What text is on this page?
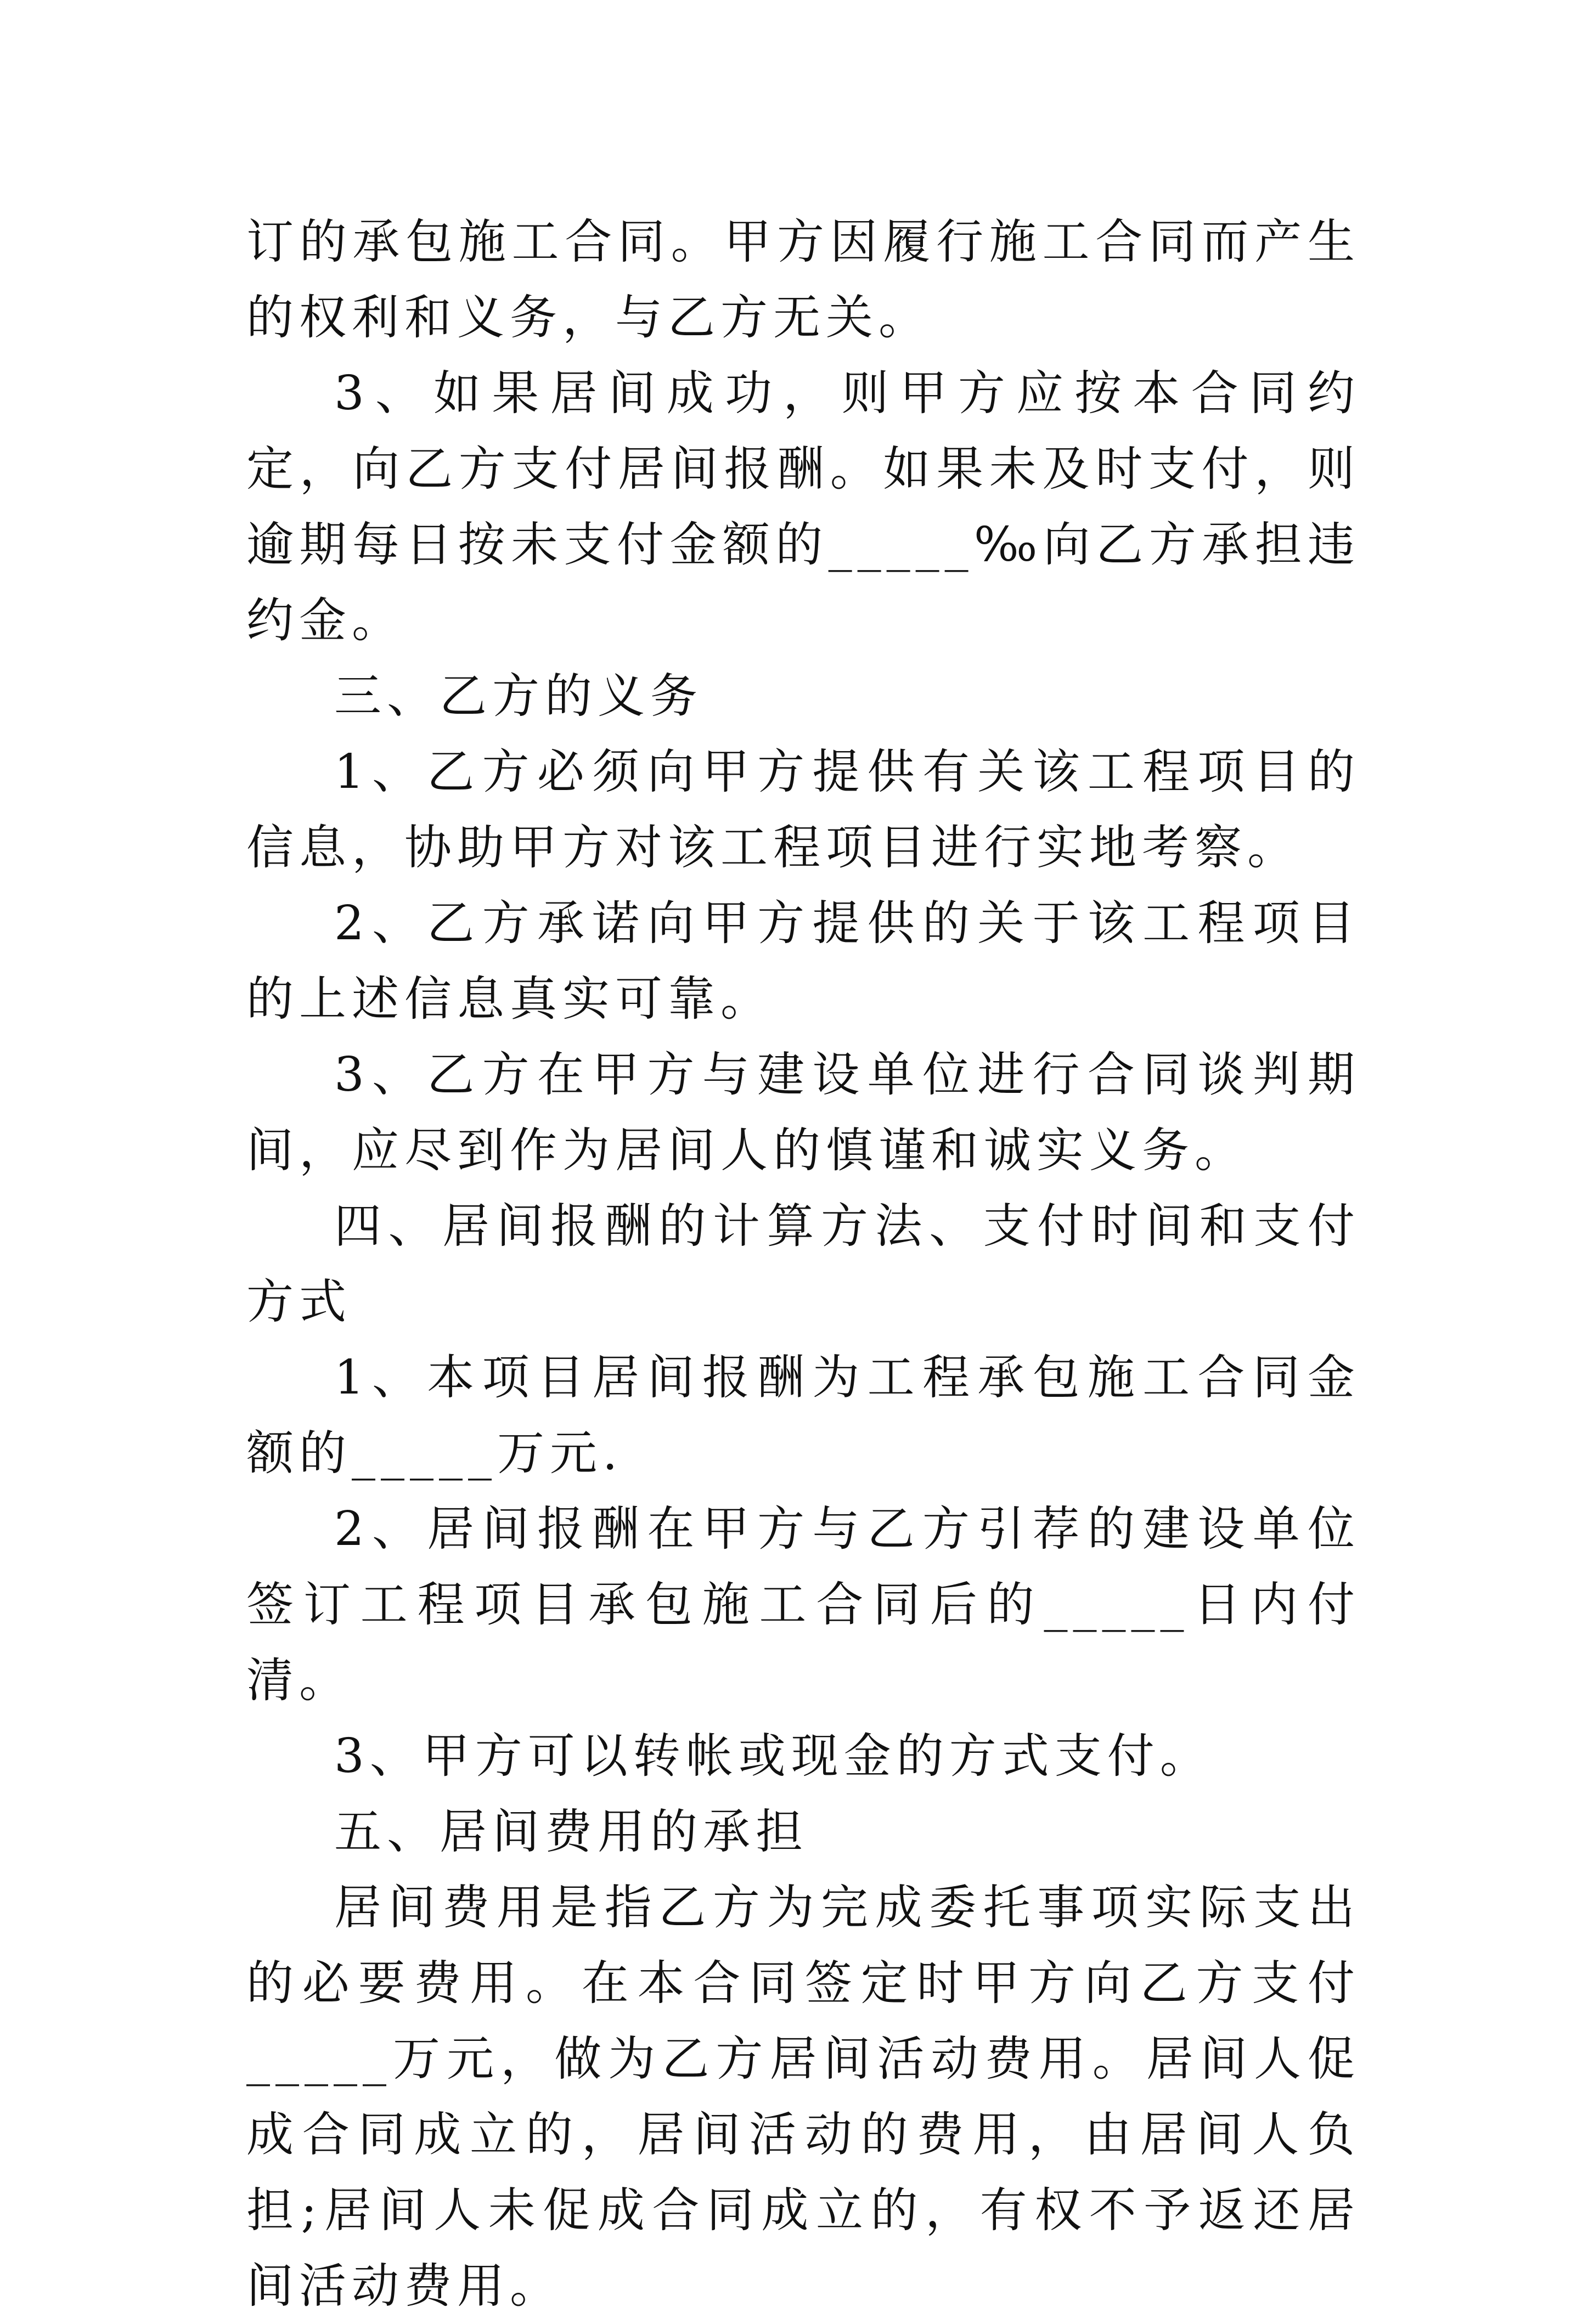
订的承包施工合同。甲方因履行施工合同而产生的权利和义务，与乙方无关。

3、如果居间成功，则甲方应按本合同约定，向乙方支付居间报酬。如果未及时支付，则逾期每日按未支付金额的_____‰向乙方承担违约金。

三、乙方的义务

1、乙方必须向甲方提供有关该工程项目的信息，协助甲方对该工程项目进行实地考察。

2、乙方承诺向甲方提供的关于该工程项目的上述信息真实可靠。

3、乙方在甲方与建设单位进行合同谈判期间，应尽到作为居间人的慎谨和诚实义务。

四、居间报酬的计算方法、支付时间和支付方式

1、本项目居间报酬为工程承包施工合同金额的_____万元.

2、居间报酬在甲方与乙方引荐的建设单位签订工程项目承包施工合同后的_____日内付清。

3、甲方可以转帐或现金的方式支付。

五、居间费用的承担

居间费用是指乙方为完成委托事项实际支出的必要费用。在本合同签定时甲方向乙方支付_____万元，做为乙方居间活动费用。居间人促成合同成立的，居间活动的费用，由居间人负担;居间人未促成合同成立的，有权不予返还居间活动费用。
